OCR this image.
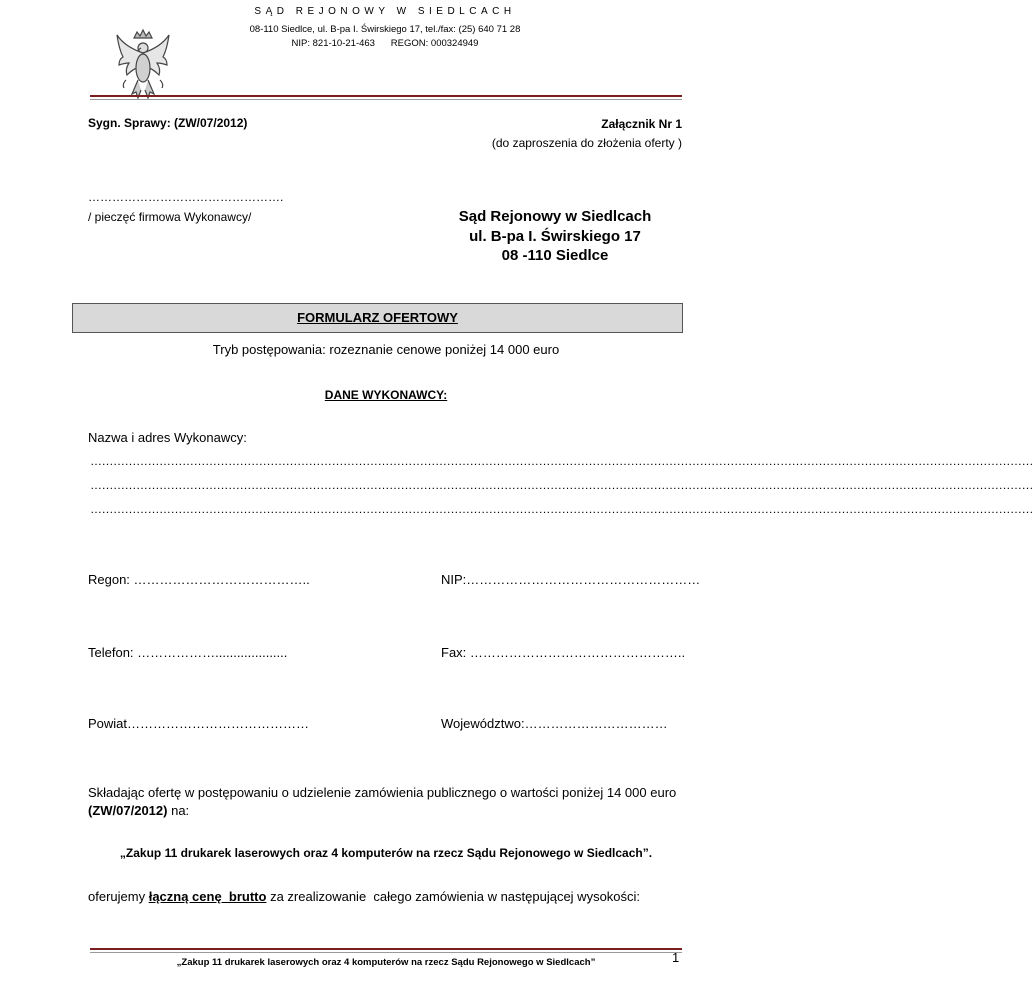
SĄD REJONOWY W SIEDLCACH
08-110 Siedlce, ul. B-pa I. Świrskiego 17, tel./fax: (25) 640 71 28
NIP: 821-10-21-463      REGON: 000324949
Sygn. Sprawy: (ZW/07/2012)	Załącznik Nr 1
(do zaproszenia do złożenia oferty )
………………………………………….
/ pieczęć firmowa Wykonawcy/	Sąd Rejonowy w Siedlcach
ul. B-pa I. Świrskiego 17
08 -110 Siedlce
FORMULARZ OFERTOWY
Tryb postępowania: rozeznanie cenowe poniżej 14 000 euro
DANE WYKONAWCY:
Nazwa i adres Wykonawcy:
…………………………………………………………………………………………………………………………………………………………………………………………………………………………
…………………………………………………………………………………………………………………………………………………………………………………………………………………………
…………………………………………………………………………………………………………………………………………………………………………………………………………………………
Regon: …………………………………..	NIP:………………………………………………
Telefon: ………………....................	Fax: …………………………………………..
Powiat……………………………………	Województwo:……………………………
Składając ofertę w postępowaniu o udzielenie zamówienia publicznego o wartości poniżej 14 000 euro
(ZW/07/2012) na:
„Zakup 11 drukarek laserowych oraz 4 komputerów na rzecz Sądu Rejonowego w Siedlcach”.
oferujemy łączną cenę  brutto za zrealizowanie  całego zamówienia w następującej wysokości:
„Zakup 11 drukarek laserowych oraz 4 komputerów na rzecz Sądu Rejonowego w Siedlcach”	1
